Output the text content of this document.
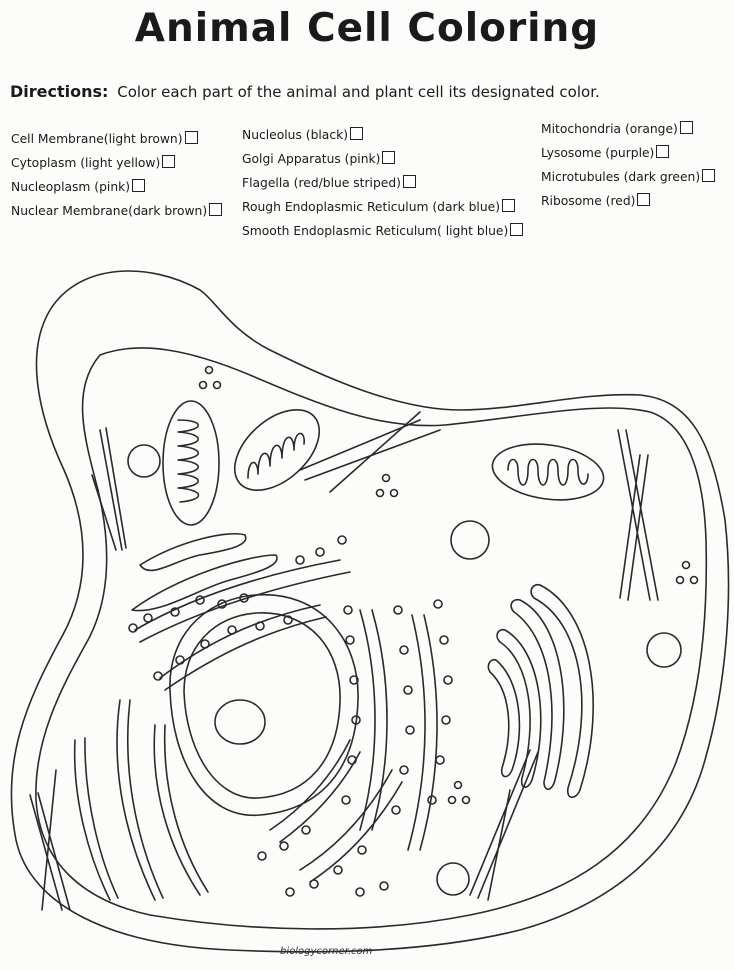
Animal Cell Coloring
Directions: Color each part of the animal and plant cell its designated color.
Cell Membrane(light brown)
Cytoplasm (light yellow)
Nucleoplasm (pink)
Nuclear Membrane(dark brown)
Nucleolus (black)
Golgi Apparatus (pink)
Flagella (red/blue striped)
Rough Endoplasmic Reticulum (dark blue)
Smooth Endoplasmic Reticulum( light blue)
Mitochondria (orange)
Lysosome (purple)
Microtubules (dark green)
Ribosome (red)
biologycorner.com
